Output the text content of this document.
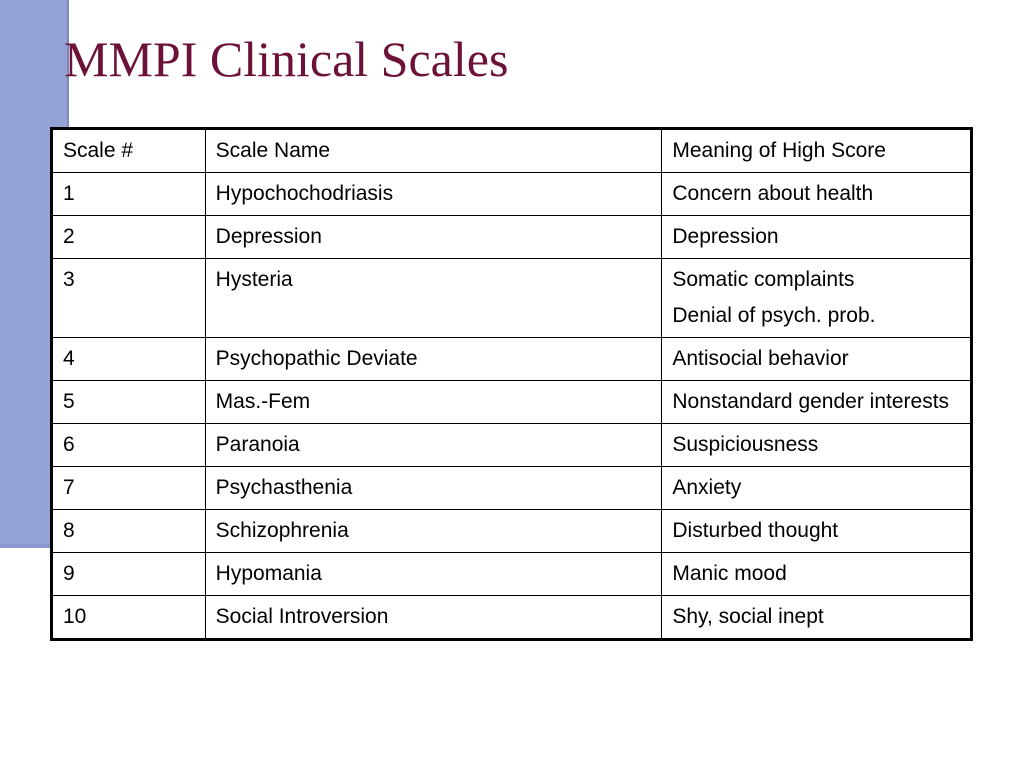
MMPI Clinical Scales
Scale #	Scale Name	Meaning of High Score
1	Hypochochodriasis	Concern about health

2	Depression	Depression

3	Hysteria	Somatic complaints
Denial of psych. prob.

4	Psychopathic Deviate	Antisocial behavior

5	Mas.-Fem	Nonstandard gender interests

6	Paranoia	Suspiciousness

7	Psychasthenia	Anxiety

8	Schizophrenia	Disturbed thought

9	Hypomania	Manic mood

10	Social Introversion	Shy, social inept
